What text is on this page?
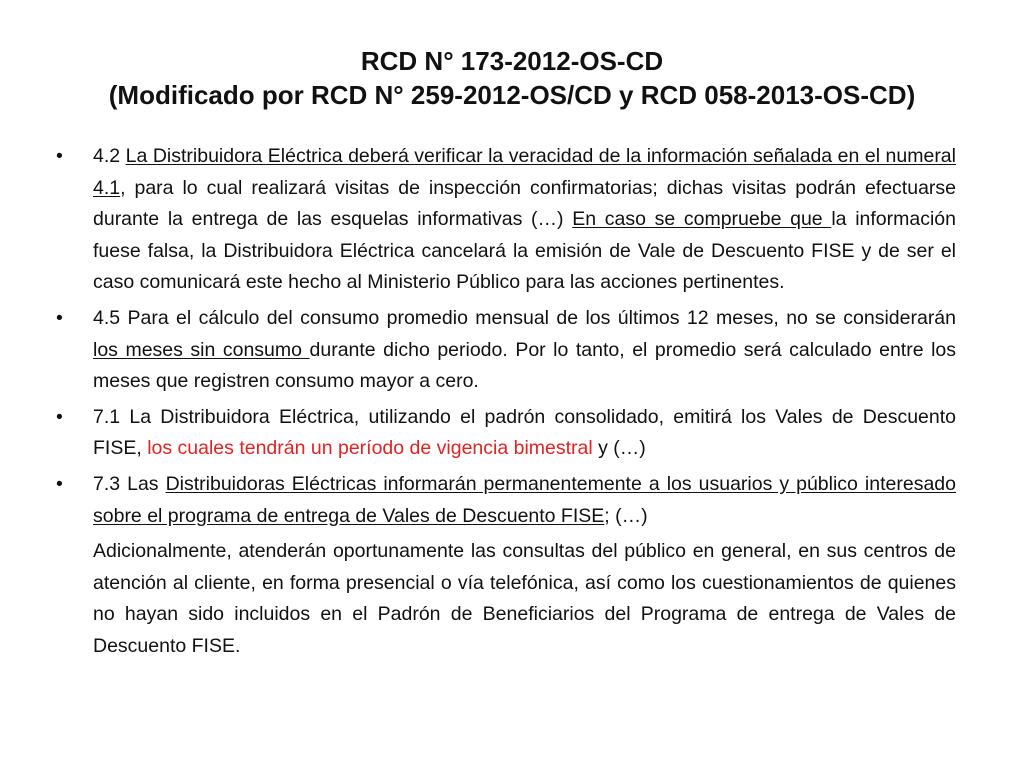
RCD N° 173-2012-OS-CD
(Modificado por RCD N° 259-2012-OS/CD y RCD 058-2013-OS-CD)
• 4.2 La Distribuidora Eléctrica deberá verificar la veracidad de la información señalada en el numeral 4.1, para lo cual realizará visitas de inspección confirmatorias; dichas visitas podrán efectuarse durante la entrega de las esquelas informativas (…) En caso se compruebe que la información fuese falsa, la Distribuidora Eléctrica cancelará la emisión de Vale de Descuento FISE y de ser el caso comunicará este hecho al Ministerio Público para las acciones pertinentes.
• 4.5 Para el cálculo del consumo promedio mensual de los últimos 12 meses, no se considerarán los meses sin consumo durante dicho periodo. Por lo tanto, el promedio será calculado entre los meses que registren consumo mayor a cero.
• 7.1 La Distribuidora Eléctrica, utilizando el padrón consolidado, emitirá los Vales de Descuento FISE, los cuales tendrán un período de vigencia bimestral y (…)
• 7.3 Las Distribuidoras Eléctricas informarán permanentemente a los usuarios y público interesado sobre el programa de entrega de Vales de Descuento FISE; (…)
Adicionalmente, atenderán oportunamente las consultas del público en general, en sus centros de atención al cliente, en forma presencial o vía telefónica, así como los cuestionamientos de quienes no hayan sido incluidos en el Padrón de Beneficiarios del Programa de entrega de Vales de Descuento FISE.
